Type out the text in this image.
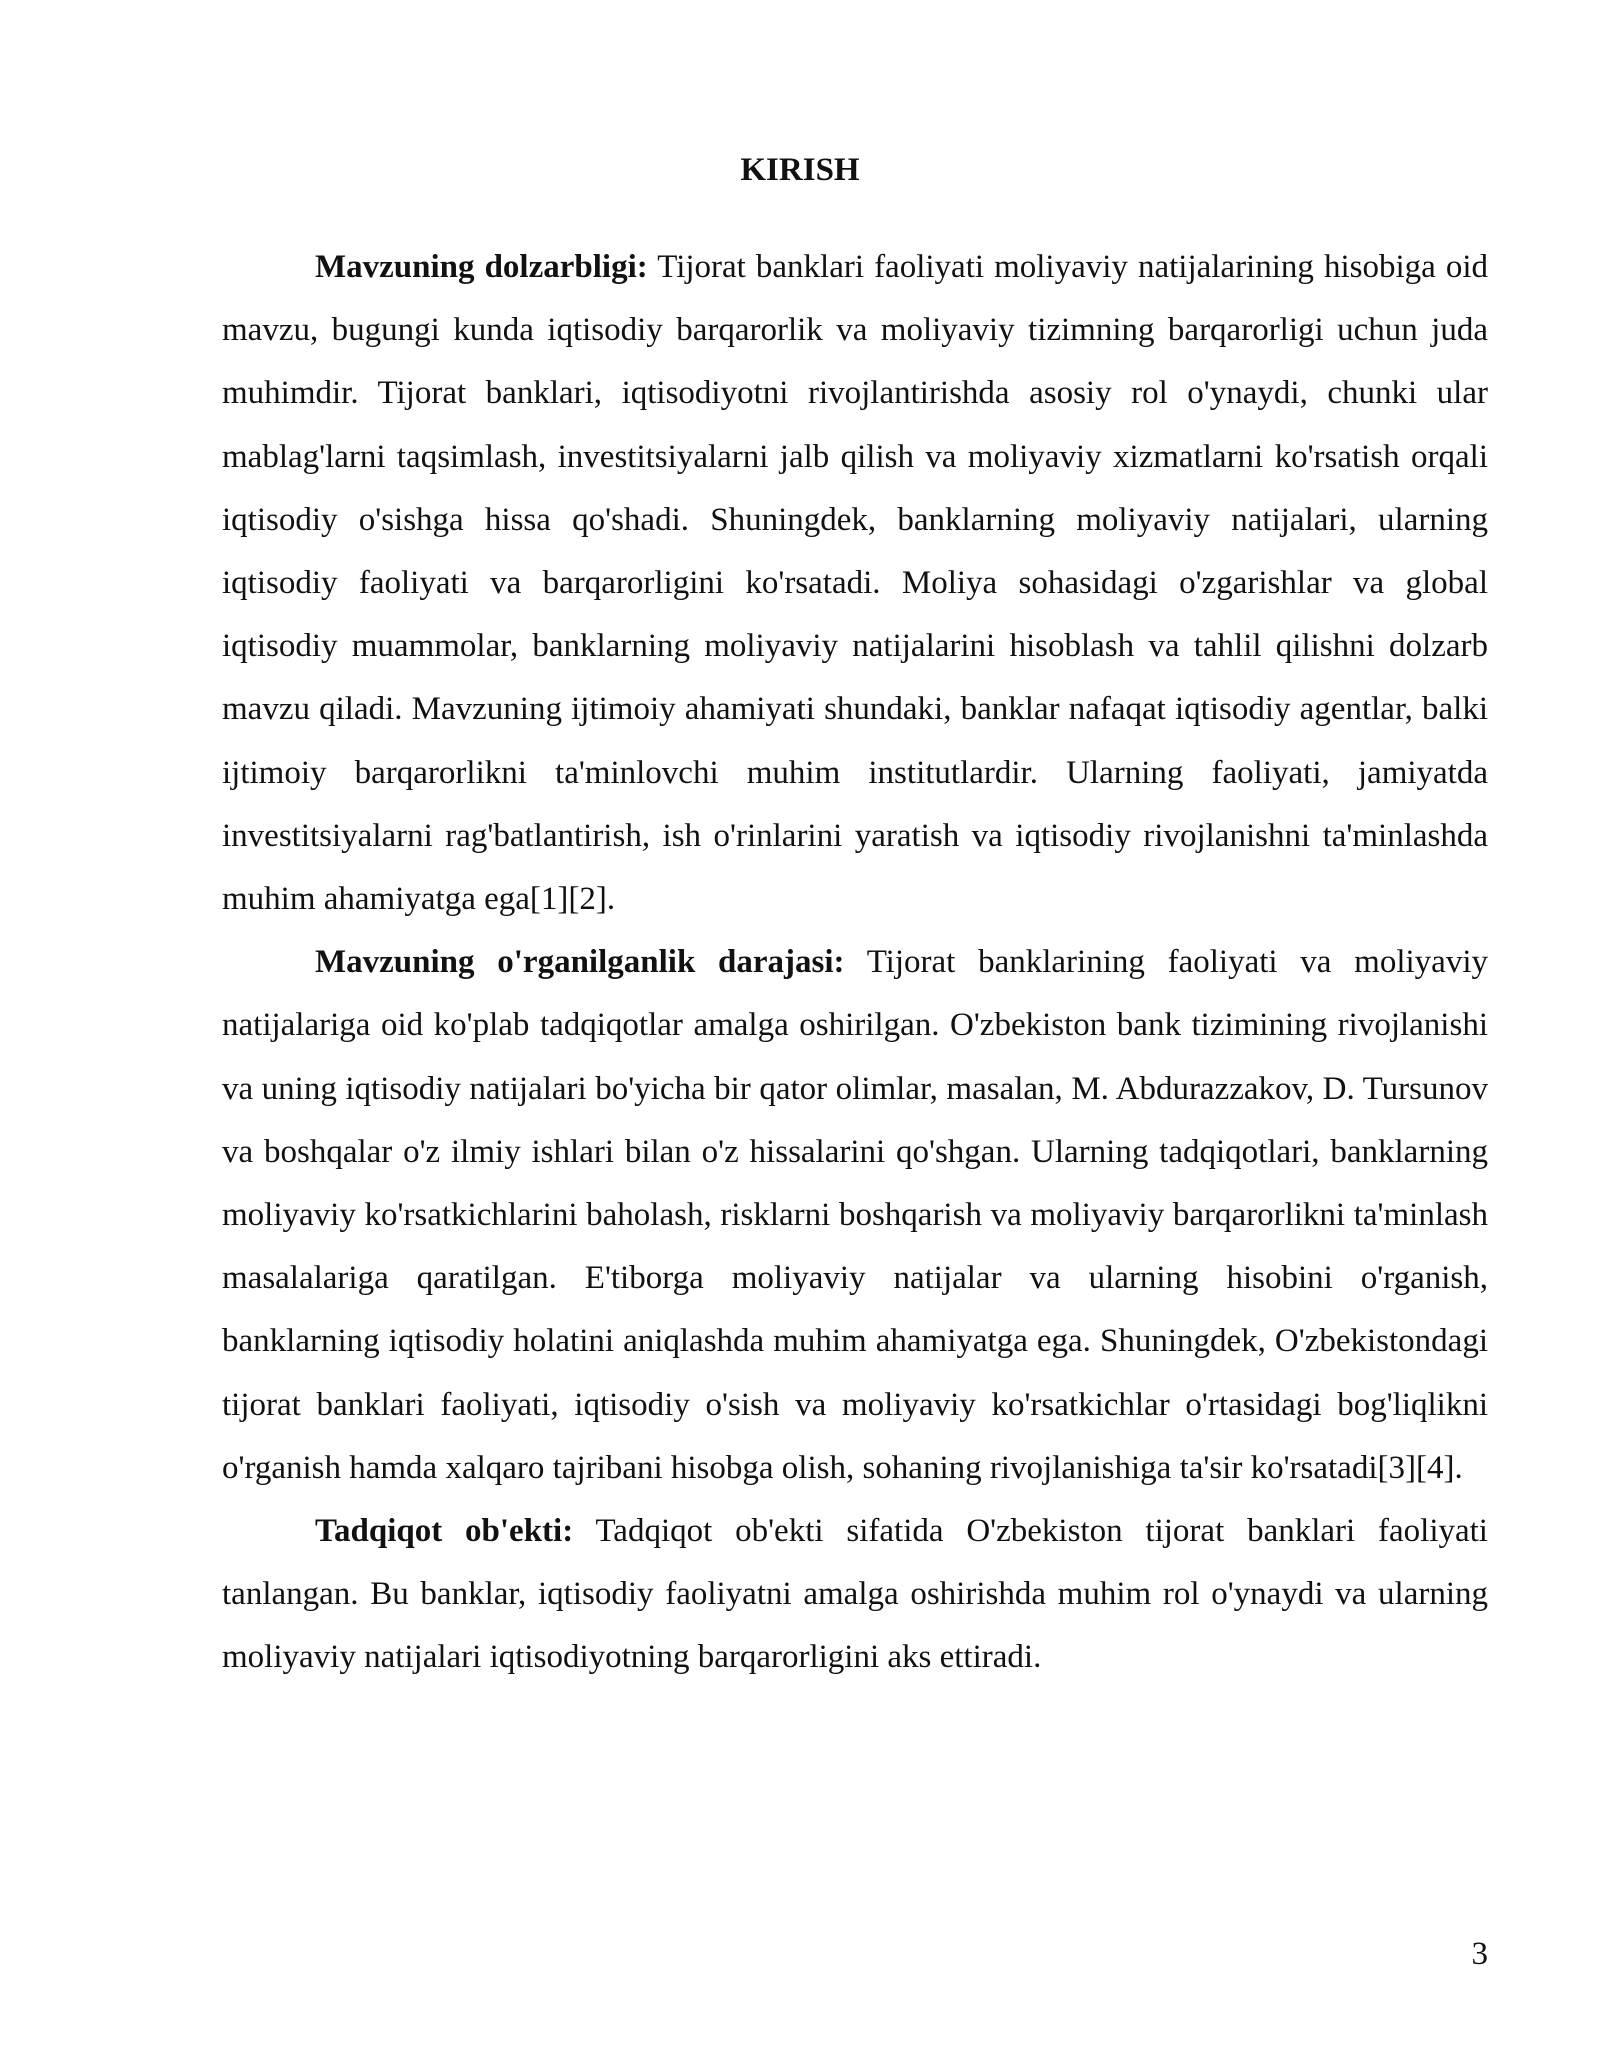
KIRISH

Mavzuning dolzarbligi: Tijorat banklari faoliyati moliyaviy natijalarining hisobiga oid mavzu, bugungi kunda iqtisodiy barqarorlik va moliyaviy tizimning barqarorligi uchun juda muhimdir. Tijorat banklari, iqtisodiyotni rivojlantirishda asosiy rol o'ynaydi, chunki ular mablag'larni taqsimlash, investitsiyalarni jalb qilish va moliyaviy xizmatlarni ko'rsatish orqali iqtisodiy o'sishga hissa qo'shadi. Shuningdek, banklarning moliyaviy natijalari, ularning iqtisodiy faoliyati va barqarorligini ko'rsatadi. Moliya sohasidagi o'zgarishlar va global iqtisodiy muammolar, banklarning moliyaviy natijalarini hisoblash va tahlil qilishni dolzarb mavzu qiladi. Mavzuning ijtimoiy ahamiyati shundaki, banklar nafaqat iqtisodiy agentlar, balki ijtimoiy barqarorlikni ta'minlovchi muhim institutlardir. Ularning faoliyati, jamiyatda investitsiyalarni rag'batlantirish, ish o'rinlarini yaratish va iqtisodiy rivojlanishni ta'minlashda muhim ahamiyatga ega[1][2].

Mavzuning o'rganilganlik darajasi: Tijorat banklarining faoliyati va moliyaviy natijalariga oid ko'plab tadqiqotlar amalga oshirilgan. O'zbekiston bank tizimining rivojlanishi va uning iqtisodiy natijalari bo'yicha bir qator olimlar, masalan, M. Abdurazzakov, D. Tursunov va boshqalar o'z ilmiy ishlari bilan o'z hissalarini qo'shgan. Ularning tadqiqotlari, banklarning moliyaviy ko'rsatkichlarini baholash, risklarni boshqarish va moliyaviy barqarorlikni ta'minlash masalalariga qaratilgan. E'tiborga moliyaviy natijalar va ularning hisobini o'rganish, banklarning iqtisodiy holatini aniqlashda muhim ahamiyatga ega. Shuningdek, O'zbekistondagi tijorat banklari faoliyati, iqtisodiy o'sish va moliyaviy ko'rsatkichlar o'rtasidagi bog'liqlikni o'rganish hamda xalqaro tajribani hisobga olish, sohaning rivojlanishiga ta'sir ko'rsatadi[3][4].

Tadqiqot ob'ekti: Tadqiqot ob'ekti sifatida O'zbekiston tijorat banklari faoliyati tanlangan. Bu banklar, iqtisodiy faoliyatni amalga oshirishda muhim rol o'ynaydi va ularning moliyaviy natijalari iqtisodiyotning barqarorligini aks ettiradi.

3
